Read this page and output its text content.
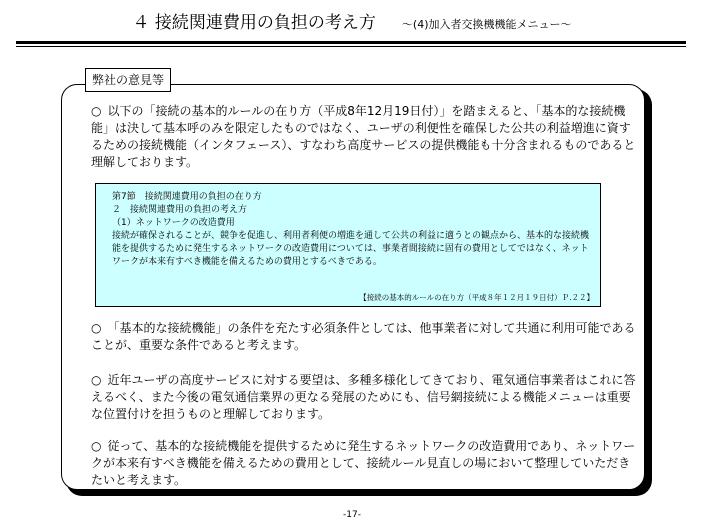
４ 接続関連費用の負担の考え方 ～(4)加入者交換機機能メニュー～
弊社の意見等

○ 以下の「接続の基本的ルールの在り方（平成8年12月19日付）」を踏まえると、「基本的な接続機能」は決して基本呼のみを限定したものではなく、ユーザの利便性を確保した公共の利益増進に資するための接続機能（インタフェース）、すなわち高度サービスの提供機能も十分含まれるものであると理解しております。

第7節　接続関連費用の負担の在り方
２　接続関連費用の負担の考え方
（1）ネットワークの改造費用
接続が確保されることが、競争を促進し、利用者利便の増進を通して公共の利益に適うとの観点から、基本的な接続機能を提供するために発生するネットワークの改造費用については、事業者間接続に固有の費用としてではなく、ネットワークが本来有すべき機能を備えるための費用とするべきである。
【接続の基本的ルールの在り方（平成８年１２月１９日付）Ｐ.２２】

○ 「基本的な接続機能」の条件を充たす必須条件としては、他事業者に対して共通に利用可能であることが、重要な条件であると考えます。

○ 近年ユーザの高度サービスに対する要望は、多種多様化してきており、電気通信事業者はこれに答えるべく、また今後の電気通信業界の更なる発展のためにも、信号網接続による機能メニューは重要な位置付けを担うものと理解しております。

○ 従って、基本的な接続機能を提供するために発生するネットワークの改造費用であり、ネットワークが本来有すべき機能を備えるための費用として、接続ルール見直しの場において整理していただきたいと考えます。

-17-
